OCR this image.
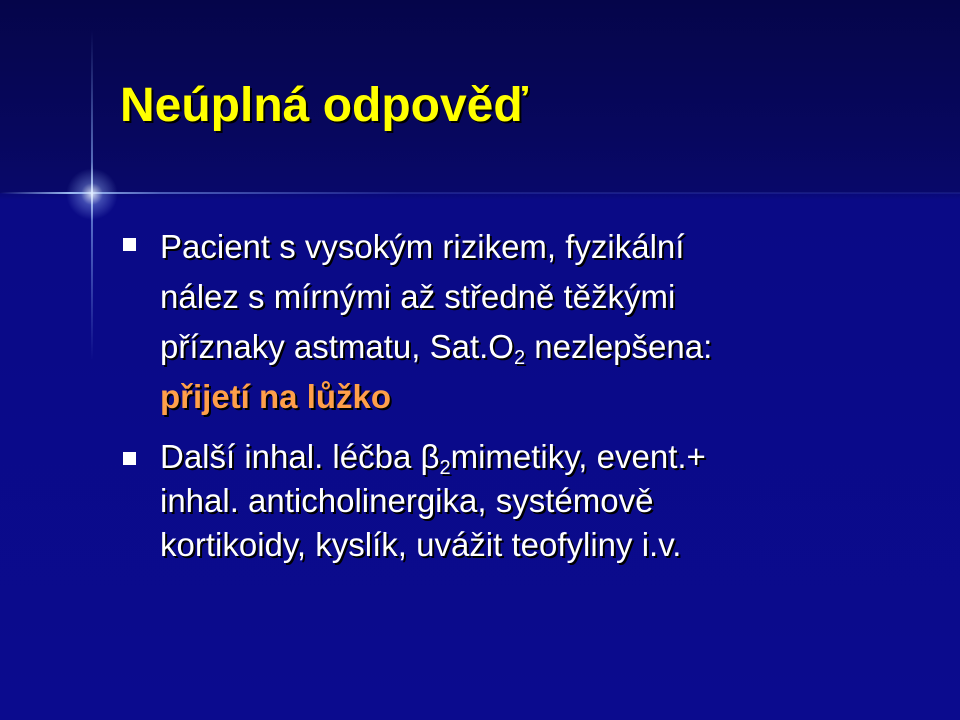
Neúplná odpověď

Pacient s vysokým rizikem, fyzikální
nález s mírnými až středně těžkými
příznaky astmatu, $Sat.O_2$ nezlepšena:
přijetí na lůžko

Další inhal. léčba $\beta_2mimetiky$, event.+
inhal. anticholinergika, systémově
kortikoidy, kyslík, uvážit teofyliny i.v.
